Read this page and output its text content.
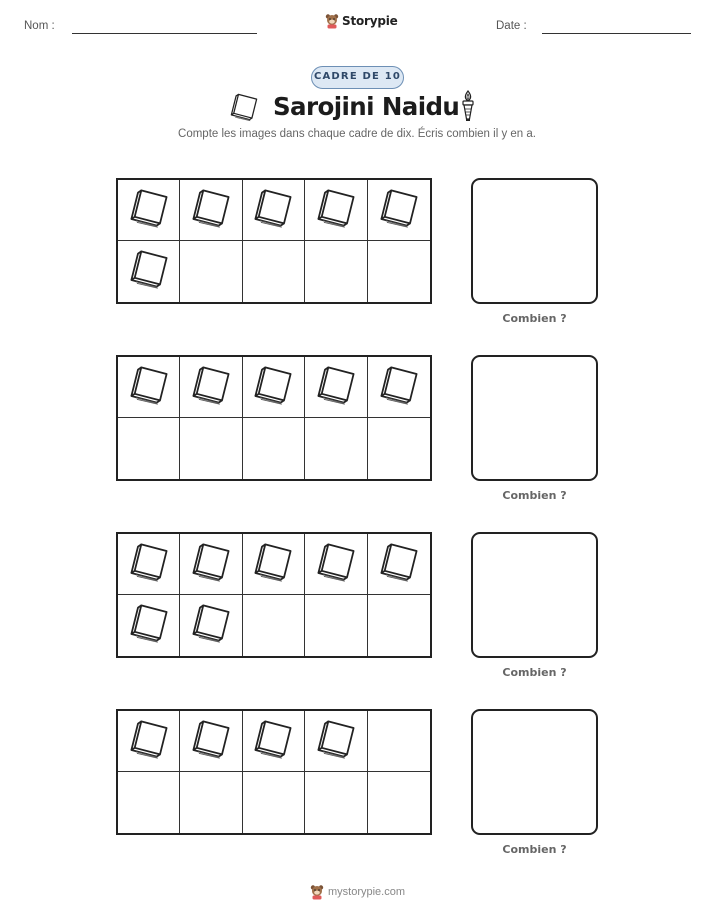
Nom :	Storypie	Date :
CADRE DE 10
Sarojini Naidu
Compte les images dans chaque cadre de dix. Écris combien il y en a.
Combien ?
Combien ?
Combien ?
Combien ?
mystorypie.com
